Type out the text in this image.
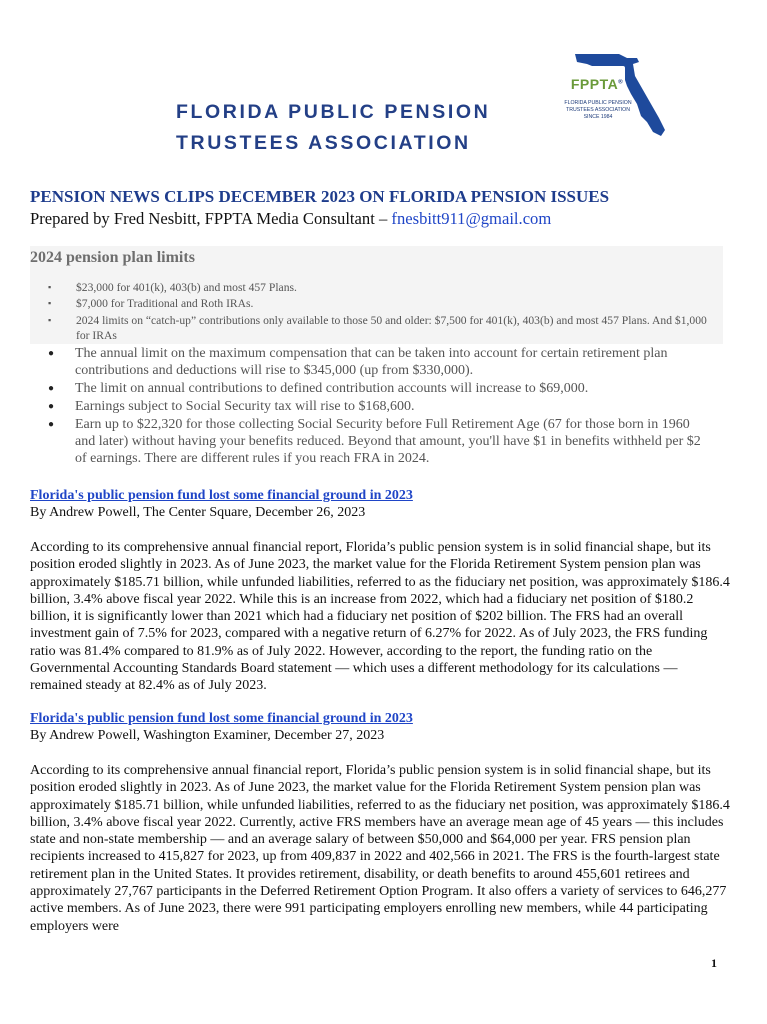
FLORIDA PUBLIC PENSION
TRUSTEES ASSOCIATION
FPPTA®
FLORIDA PUBLIC PENSION
TRUSTEES ASSOCIATION
SINCE 1984
PENSION NEWS CLIPS DECEMBER 2023 ON FLORIDA PENSION ISSUES
Prepared by Fred Nesbitt, FPPTA Media Consultant – fnesbitt911@gmail.com
2024 pension plan limits
▪ $23,000 for 401(k), 403(b) and most 457 Plans.
▪ $7,000 for Traditional and Roth IRAs.
▪ 2024 limits on “catch-up” contributions only available to those 50 and older: $7,500 for 401(k), 403(b) and most 457 Plans. And $1,000 for IRAs
● The annual limit on the maximum compensation that can be taken into account for certain retirement plan contributions and deductions will rise to $345,000 (up from $330,000).
● The limit on annual contributions to defined contribution accounts will increase to $69,000.
● Earnings subject to Social Security tax will rise to $168,600.
● Earn up to $22,320 for those collecting Social Security before Full Retirement Age (67 for those born in 1960 and later) without having your benefits reduced. Beyond that amount, you'll have $1 in benefits withheld per $2 of earnings. There are different rules if you reach FRA in 2024.
Florida's public pension fund lost some financial ground in 2023
By Andrew Powell, The Center Square, December 26, 2023

According to its comprehensive annual financial report, Florida’s public pension system is in solid financial shape, but its position eroded slightly in 2023. As of June 2023, the market value for the Florida Retirement System pension plan was approximately $185.71 billion, while unfunded liabilities, referred to as the fiduciary net position, was approximately $186.4 billion, 3.4% above fiscal year 2022. While this is an increase from 2022, which had a fiduciary net position of $180.2 billion, it is significantly lower than 2021 which had a fiduciary net position of $202 billion. The FRS had an overall investment gain of 7.5% for 2023, compared with a negative return of 6.27% for 2022. As of July 2023, the FRS funding ratio was 81.4% compared to 81.9% as of July 2022. However, according to the report, the funding ratio on the Governmental Accounting Standards Board statement — which uses a different methodology for its calculations — remained steady at 82.4% as of July 2023.

Florida's public pension fund lost some financial ground in 2023
By Andrew Powell, Washington Examiner, December 27, 2023

According to its comprehensive annual financial report, Florida’s public pension system is in solid financial shape, but its position eroded slightly in 2023. As of June 2023, the market value for the Florida Retirement System pension plan was approximately $185.71 billion, while unfunded liabilities, referred to as the fiduciary net position, was approximately $186.4 billion, 3.4% above fiscal year 2022. Currently, active FRS members have an average mean age of 45 years — this includes state and non-state membership — and an average salary of between $50,000 and $64,000 per year. FRS pension plan recipients increased to 415,827 for 2023, up from 409,837 in 2022 and 402,566 in 2021. The FRS is the fourth-largest state retirement plan in the United States. It provides retirement, disability, or death benefits to around 455,601 retirees and approximately 27,767 participants in the Deferred Retirement Option Program. It also offers a variety of services to 646,277 active members. As of June 2023, there were 991 participating employers enrolling new members, while 44 participating employers were

1
